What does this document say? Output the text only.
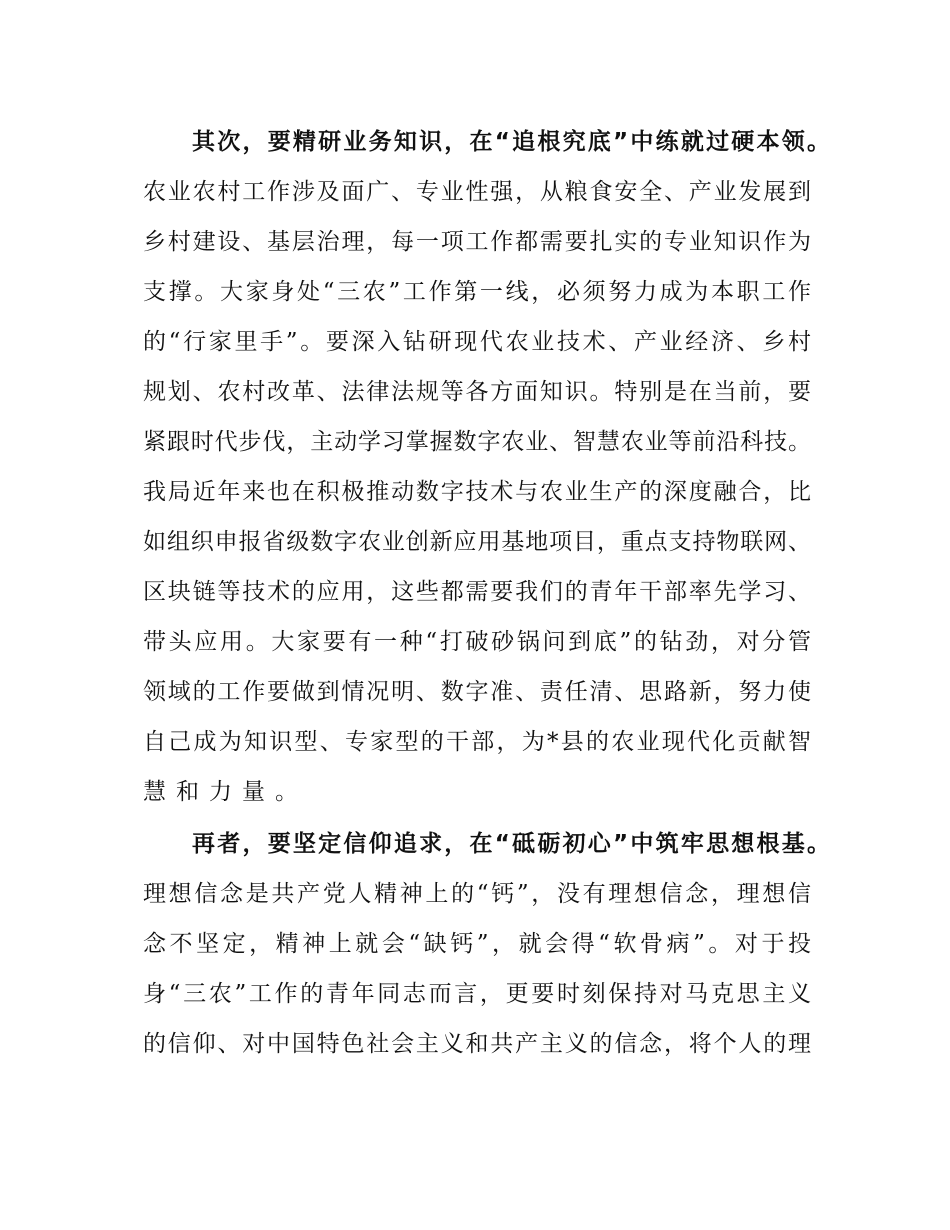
其次，要精研业务知识，在“追根究底”中练就过硬本领。
农业农村工作涉及面广、专业性强，从粮食安全、产业发展到
乡村建设、基层治理，每一项工作都需要扎实的专业知识作为
支撑。大家身处“三农”工作第一线，必须努力成为本职工作
的“行家里手”。要深入钻研现代农业技术、产业经济、乡村
规划、农村改革、法律法规等各方面知识。特别是在当前，要
紧跟时代步伐，主动学习掌握数字农业、智慧农业等前沿科技。
我局近年来也在积极推动数字技术与农业生产的深度融合，比
如组织申报省级数字农业创新应用基地项目，重点支持物联网、
区块链等技术的应用，这些都需要我们的青年干部率先学习、
带头应用。大家要有一种“打破砂锅问到底”的钻劲，对分管
领域的工作要做到情况明、数字准、责任清、思路新，努力使
自己成为知识型、专家型的干部，为*县的农业现代化贡献智
慧和力量。
再者，要坚定信仰追求，在“砥砺初心”中筑牢思想根基。
理想信念是共产党人精神上的“钙”，没有理想信念，理想信
念不坚定，精神上就会“缺钙”，就会得“软骨病”。对于投
身“三农”工作的青年同志而言，更要时刻保持对马克思主义
的信仰、对中国特色社会主义和共产主义的信念，将个人的理
